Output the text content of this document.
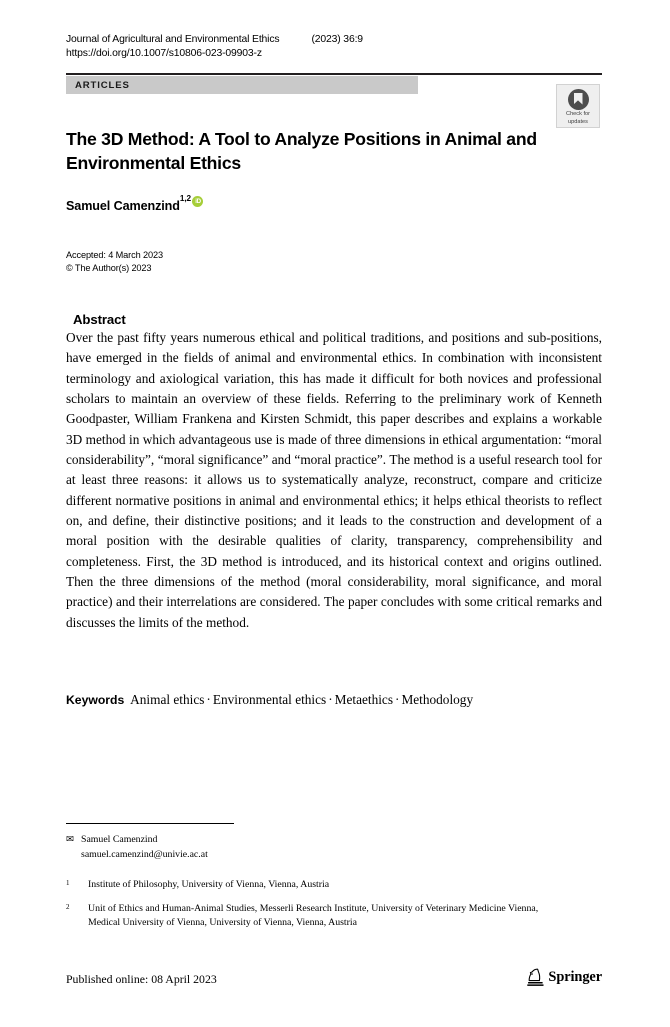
Journal of Agricultural and Environmental Ethics	(2023) 36:9
https://doi.org/10.1007/s10806-023-09903-z
ARTICLES
Check for
updates
The 3D Method: A Tool to Analyze Positions in Animal and Environmental Ethics
Samuel Camenzind
1,2 iD
Accepted: 4 March 2023
© The Author(s) 2023
Abstract
Over the past fifty years numerous ethical and political traditions, and positions and sub-positions, have emerged in the fields of animal and environmental ethics. In combination with inconsistent terminology and axiological variation, this has made it difficult for both novices and professional scholars to maintain an overview of these fields. Referring to the preliminary work of Kenneth Goodpaster, William Frankena and Kirsten Schmidt, this paper describes and explains a workable 3D method in which advantageous use is made of three dimensions in ethical argumentation: “moral considerability”, “moral significance” and “moral practice”. The method is a useful research tool for at least three reasons: it allows us to systematically analyze, reconstruct, compare and criticize different normative positions in animal and environmental ethics; it helps ethical theorists to reflect on, and define, their distinctive positions; and it leads to the construction and development of a moral position with the desirable qualities of clarity, transparency, comprehensibility and completeness. First, the 3D method is introduced, and its historical context and origins outlined. Then the three dimensions of the method (moral considerability, moral significance, and moral practice) and their interrelations are considered. The paper concludes with some critical remarks and discusses the limits of the method.
Keywords Animal ethics · Environmental ethics · Metaethics · Methodology
✉ Samuel Camenzind
samuel.camenzind@univie.ac.at
1	Institute of Philosophy, University of Vienna, Vienna, Austria
2	Unit of Ethics and Human-Animal Studies, Messerli Research Institute, University of Veterinary Medicine Vienna, Medical University of Vienna, University of Vienna, Vienna, Austria
Published online: 08 April 2023	Springer
